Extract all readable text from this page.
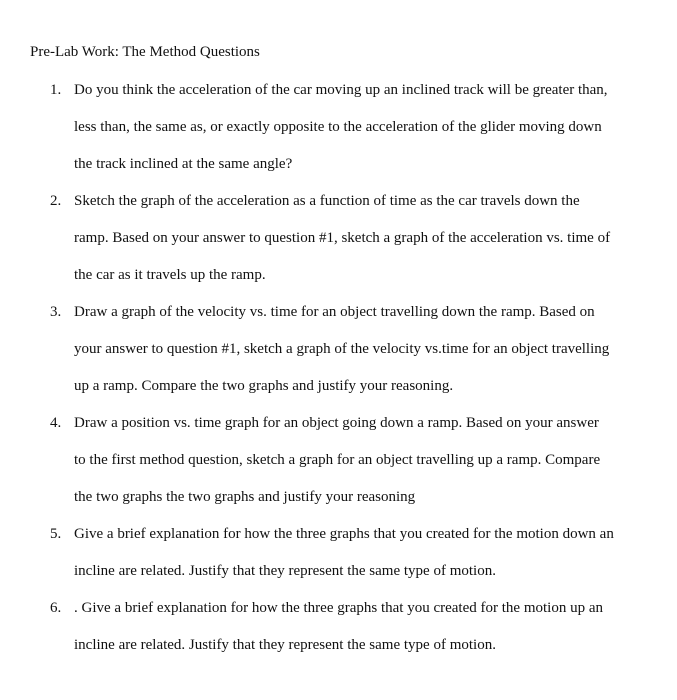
Pre-Lab Work: The Method Questions
1. Do you think the acceleration of the car moving up an inclined track will be greater than,
less than, the same as, or exactly opposite to the acceleration of the glider moving down
the track inclined at the same angle?
2. Sketch the graph of the acceleration as a function of time as the car travels down the
ramp. Based on your answer to question #1, sketch a graph of the acceleration vs. time of
the car as it travels up the ramp.
3. Draw a graph of the velocity vs. time for an object travelling down the ramp. Based on
your answer to question #1, sketch a graph of the velocity vs.time for an object travelling
up a ramp. Compare the two graphs and justify your reasoning.
4. Draw a position vs. time graph for an object going down a ramp. Based on your answer
to the first method question, sketch a graph for an object travelling up a ramp. Compare
the two graphs the two graphs and justify your reasoning
5. Give a brief explanation for how the three graphs that you created for the motion down an
incline are related. Justify that they represent the same type of motion.
6. . Give a brief explanation for how the three graphs that you created for the motion up an
incline are related. Justify that they represent the same type of motion.
